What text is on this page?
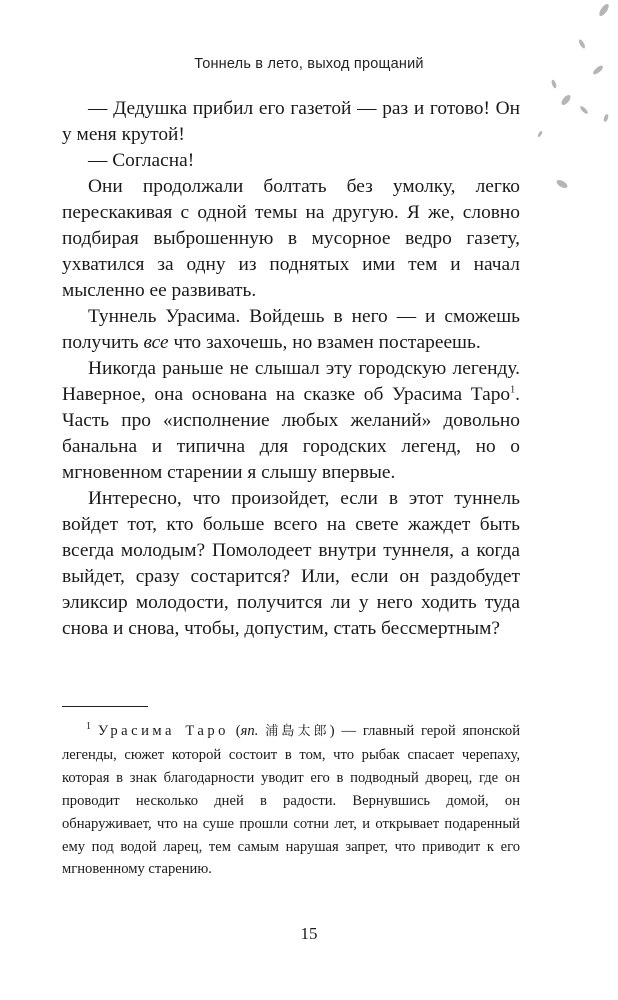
Тоннель в лето, выход прощаний

— Дедушка прибил его газетой — раз и готово! Он у меня крутой!

— Согласна!

Они продолжали болтать без умолку, легко перескакивая с одной темы на другую. Я же, словно подбирая выброшенную в мусорное ведро газету, ухватился за одну из поднятых ими тем и начал мысленно ее развивать.

Туннель Урасима. Войдешь в него — и сможешь получить все что захочешь, но взамен постареешь.

Никогда раньше не слышал эту городскую легенду. Наверное, она основана на сказке об Урасима Таро$^1$. Часть про «исполнение любых желаний» довольно банальна и типична для городских легенд, но о мгновенном старении я слышу впервые.

Интересно, что произойдет, если в этот туннель войдет тот, кто больше всего на свете жаждет быть всегда молодым? Помолодеет внутри туннеля, а когда выйдет, сразу состарится? Или, если он раздобудет эликсир молодости, получится ли у него ходить туда снова и снова, чтобы, допустим, стать бессмертным?

$^1$ Урасима Таро (яп. 浦島太郎) — главный герой японской легенды, сюжет которой состоит в том, что рыбак спасает черепаху, которая в знак благодарности уводит его в подводный дворец, где он проводит несколько дней в радости. Вернувшись домой, он обнаруживает, что на суше прошли сотни лет, и открывает подаренный ему под водой ларец, тем самым нарушая запрет, что приводит к его мгновенному старению.

15
